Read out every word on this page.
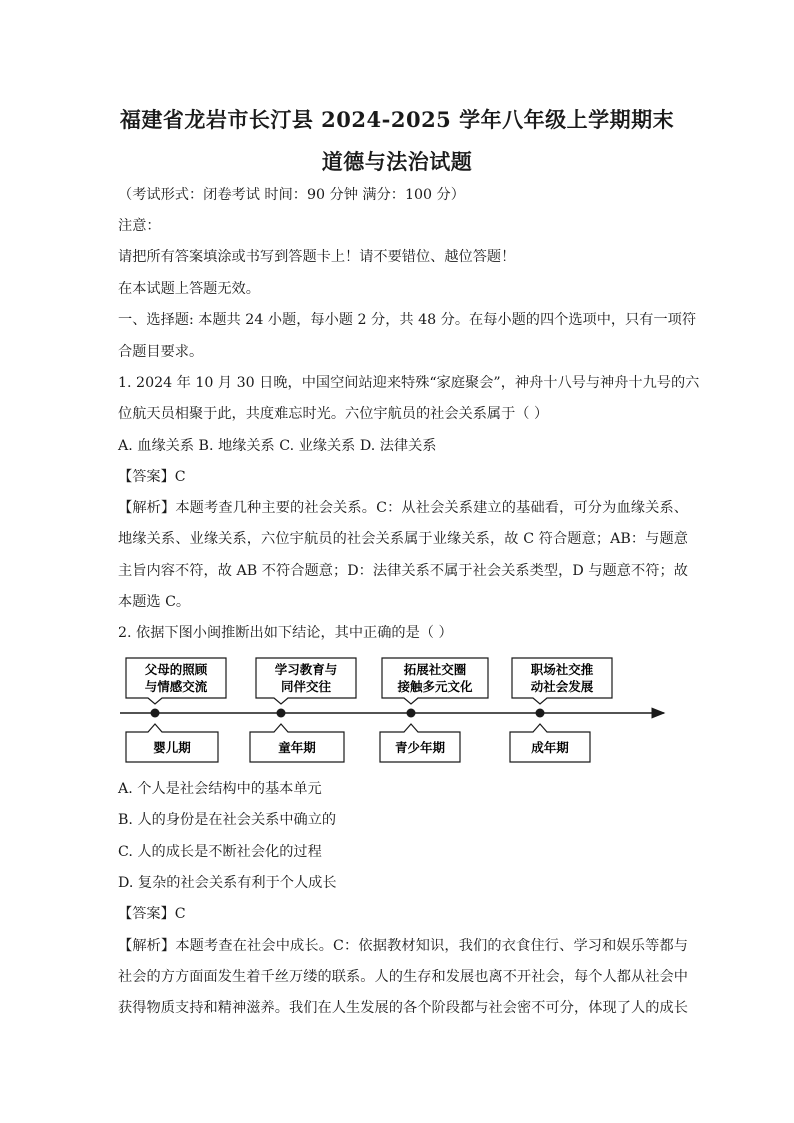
福建省龙岩市长汀县 2024-2025 学年八年级上学期期末
道德与法治试题
（考试形式：闭卷考试 时间：90 分钟 满分：100 分）
注意：
请把所有答案填涂或书写到答题卡上！请不要错位、越位答题！
在本试题上答题无效。
一、选择题: 本题共 24 小题，每小题 2 分，共 48 分。在每小题的四个选项中，只有一项符
合题目要求。
1. 2024 年 10 月 30 日晚，中国空间站迎来特殊“家庭聚会”，神舟十八号与神舟十九号的六
位航天员相聚于此，共度难忘时光。六位宇航员的社会关系属于（ ）
A. 血缘关系 B. 地缘关系 C. 业缘关系 D. 法律关系
【答案】C
【解析】本题考查几种主要的社会关系。C：从社会关系建立的基础看，可分为血缘关系、
地缘关系、业缘关系，六位宇航员的社会关系属于业缘关系，故 C 符合题意；AB：与题意
主旨内容不符，故 AB 不符合题意；D：法律关系不属于社会关系类型，D 与题意不符；故
本题选 C。
2. 依据下图小闽推断出如下结论，其中正确的是（ ）
父母的照顾
与情感交流
学习教育与
同伴交往
拓展社交圈
接触多元文化
职场社交推
动社会发展
婴儿期	童年期	青少年期	成年期
A. 个人是社会结构中的基本单元
B. 人的身份是在社会关系中确立的
C. 人的成长是不断社会化的过程
D. 复杂的社会关系有利于个人成长
【答案】C
【解析】本题考查在社会中成长。C：依据教材知识，我们的衣食住行、学习和娱乐等都与
社会的方方面面发生着千丝万缕的联系。人的生存和发展也离不开社会，每个人都从社会中
获得物质支持和精神滋养。我们在人生发展的各个阶段都与社会密不可分，体现了人的成长
